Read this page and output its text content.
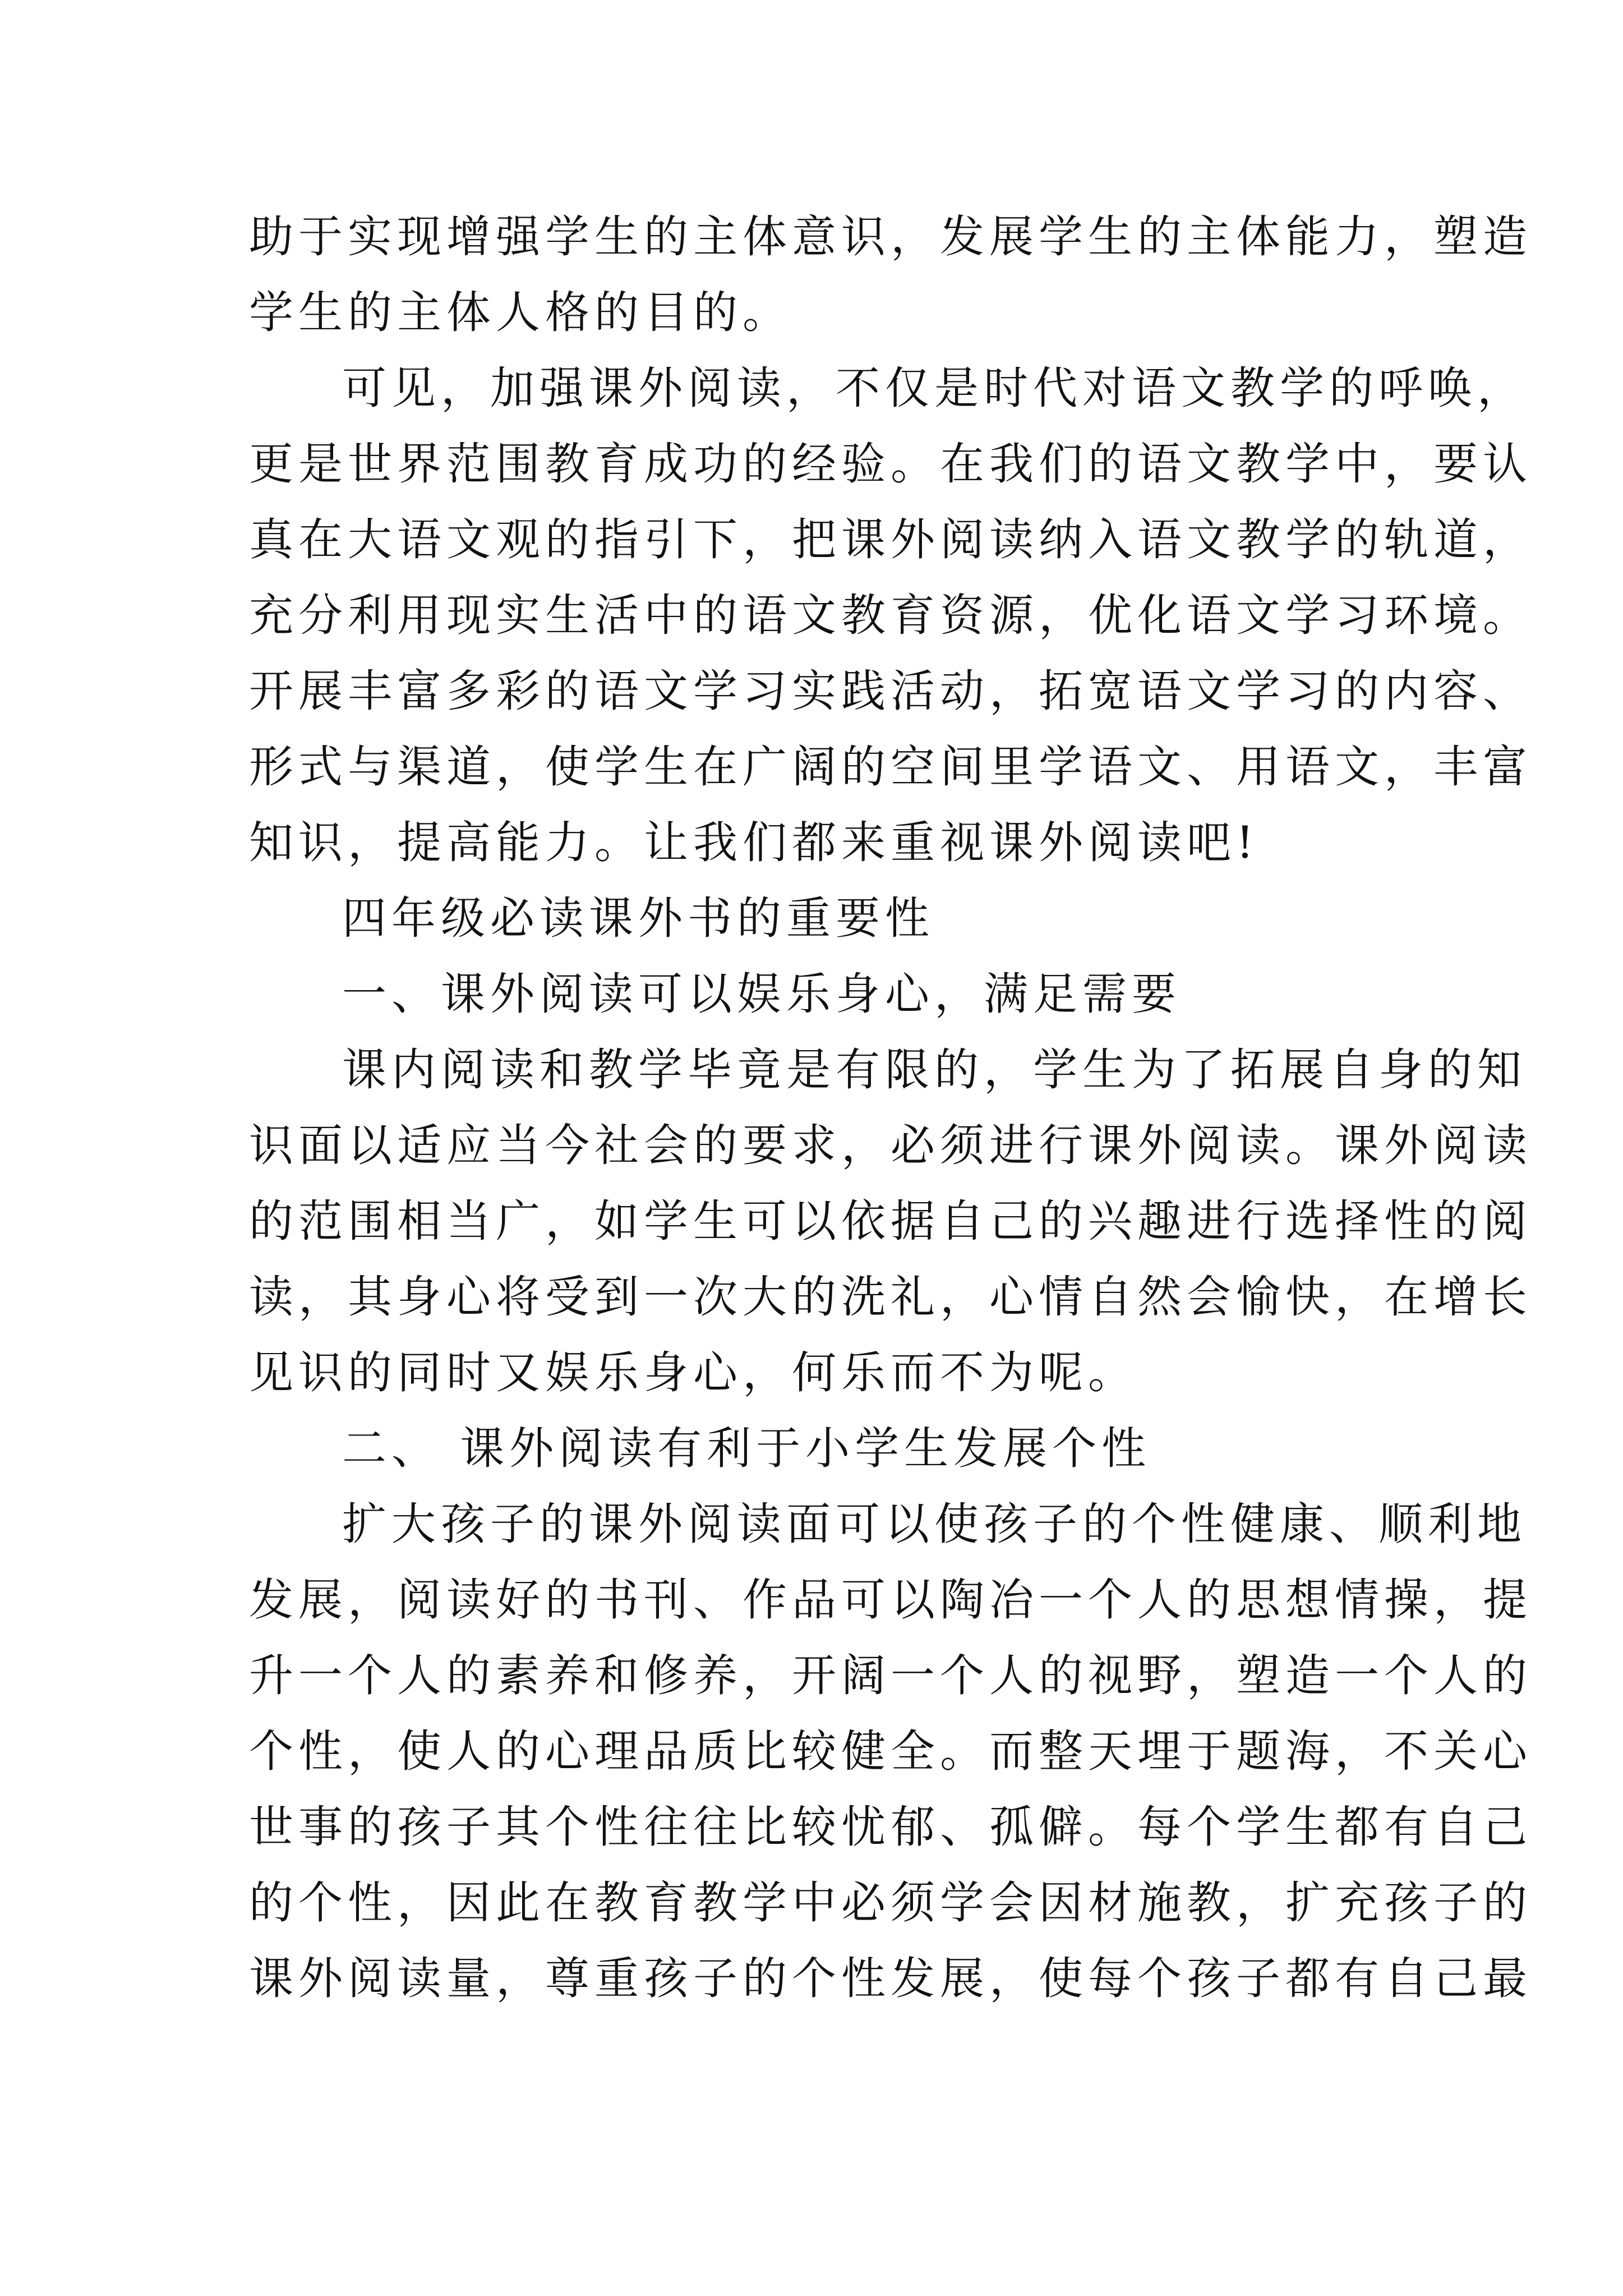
助于实现增强学生的主体意识，发展学生的主体能力，塑造
学生的主体人格的目的。
可见，加强课外阅读，不仅是时代对语文教学的呼唤，
更是世界范围教育成功的经验。在我们的语文教学中，要认
真在大语文观的指引下，把课外阅读纳入语文教学的轨道，
充分利用现实生活中的语文教育资源，优化语文学习环境。
开展丰富多彩的语文学习实践活动，拓宽语文学习的内容、
形式与渠道，使学生在广阔的空间里学语文、用语文，丰富
知识，提高能力。让我们都来重视课外阅读吧!
四年级必读课外书的重要性
一、课外阅读可以娱乐身心，满足需要
课内阅读和教学毕竟是有限的，学生为了拓展自身的知
识面以适应当今社会的要求，必须进行课外阅读。课外阅读
的范围相当广，如学生可以依据自己的兴趣进行选择性的阅
读，其身心将受到一次大的洗礼，心情自然会愉快，在增长
见识的同时又娱乐身心，何乐而不为呢。
二、 课外阅读有利于小学生发展个性
扩大孩子的课外阅读面可以使孩子的个性健康、顺利地
发展，阅读好的书刊、作品可以陶冶一个人的思想情操，提
升一个人的素养和修养，开阔一个人的视野，塑造一个人的
个性，使人的心理品质比较健全。而整天埋于题海，不关心
世事的孩子其个性往往比较忧郁、孤僻。每个学生都有自己
的个性，因此在教育教学中必须学会因材施教，扩充孩子的
课外阅读量，尊重孩子的个性发展，使每个孩子都有自己最
